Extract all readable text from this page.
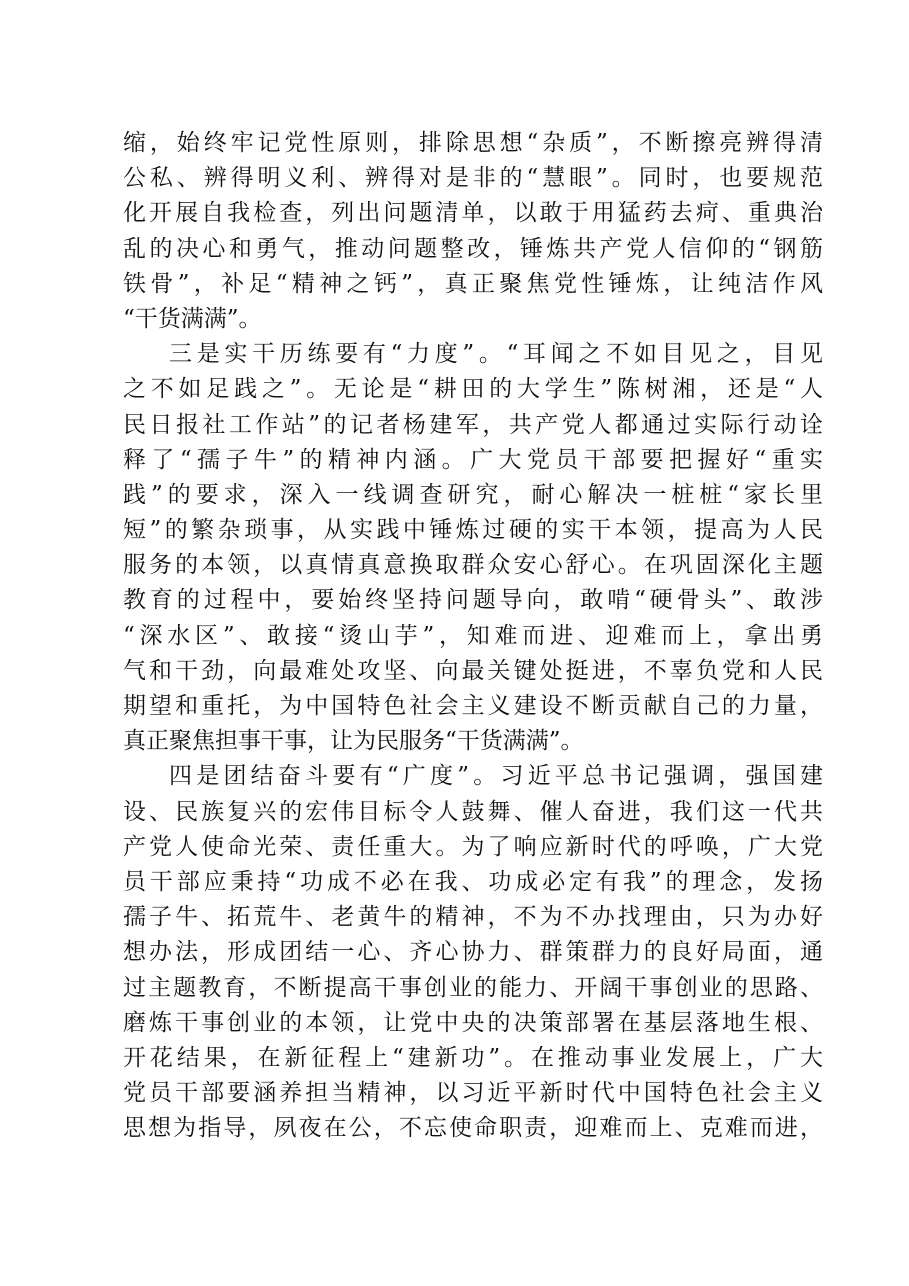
缩，始终牢记党性原则，排除思想“杂质”，不断擦亮辨得清
公私、辨得明义利、辨得对是非的“慧眼”。同时，也要规范
化开展自我检查，列出问题清单，以敢于用猛药去疴、重典治
乱的决心和勇气，推动问题整改，锤炼共产党人信仰的“钢筋
铁骨”，补足“精神之钙”，真正聚焦党性锤炼，让纯洁作风
“干货满满”。
三是实干历练要有“力度”。“耳闻之不如目见之，目见
之不如足践之”。无论是“耕田的大学生”陈树湘，还是“人
民日报社工作站”的记者杨建军，共产党人都通过实际行动诠
释了“孺子牛”的精神内涵。广大党员干部要把握好“重实
践”的要求，深入一线调查研究，耐心解决一桩桩“家长里
短”的繁杂琐事，从实践中锤炼过硬的实干本领，提高为人民
服务的本领，以真情真意换取群众安心舒心。在巩固深化主题
教育的过程中，要始终坚持问题导向，敢啃“硬骨头”、敢涉
“深水区”、敢接“烫山芋”，知难而进、迎难而上，拿出勇
气和干劲，向最难处攻坚、向最关键处挺进，不辜负党和人民
期望和重托，为中国特色社会主义建设不断贡献自己的力量，
真正聚焦担事干事，让为民服务“干货满满”。
四是团结奋斗要有“广度”。习近平总书记强调，强国建
设、民族复兴的宏伟目标令人鼓舞、催人奋进，我们这一代共
产党人使命光荣、责任重大。为了响应新时代的呼唤，广大党
员干部应秉持“功成不必在我、功成必定有我”的理念，发扬
孺子牛、拓荒牛、老黄牛的精神，不为不办找理由，只为办好
想办法，形成团结一心、齐心协力、群策群力的良好局面，通
过主题教育，不断提高干事创业的能力、开阔干事创业的思路、
磨炼干事创业的本领，让党中央的决策部署在基层落地生根、
开花结果，在新征程上“建新功”。在推动事业发展上，广大
党员干部要涵养担当精神，以习近平新时代中国特色社会主义
思想为指导，夙夜在公，不忘使命职责，迎难而上、克难而进，
